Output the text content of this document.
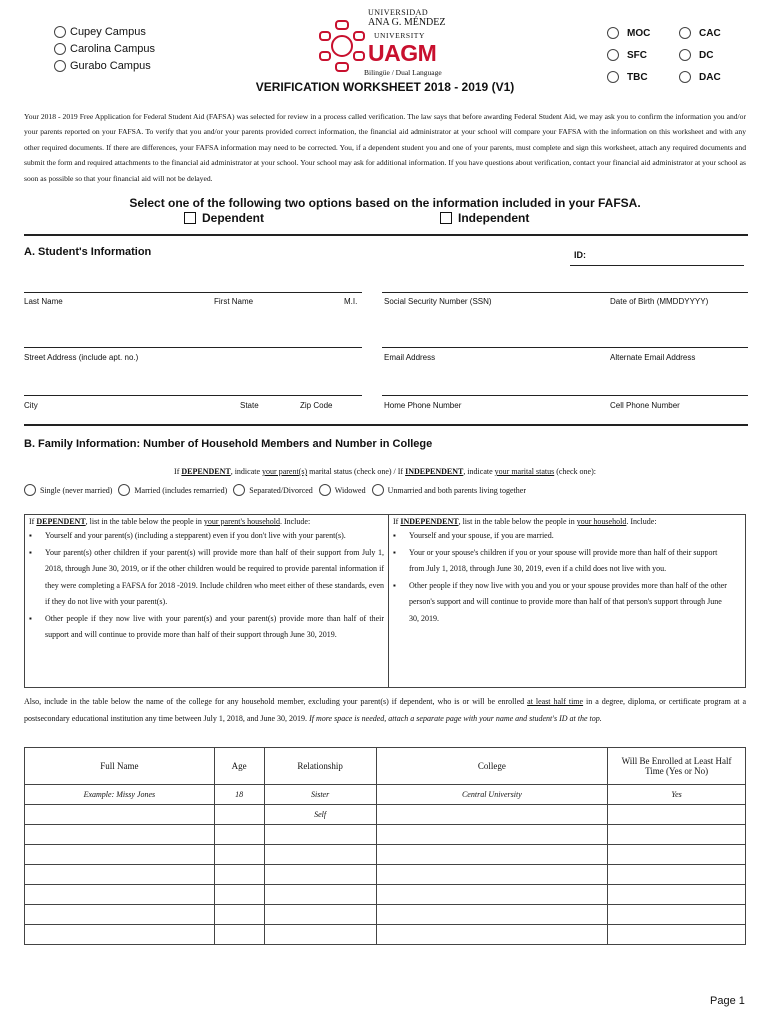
Cupey Campus
Carolina Campus
Gurabo Campus
UNIVERSIDAD
ANA G. MÉNDEZ
UNIVERSITY
UAGM
Bilingüe / Dual Language
MOC	CAC
SFC	DC
TBC	DAC
VERIFICATION WORKSHEET 2018 - 2019 (V1)
Your 2018 - 2019 Free Application for Federal Student Aid (FAFSA) was selected for review in a process called verification. The law says that before awarding Federal Student Aid, we may ask you to confirm the information you and/or your parents reported on your FAFSA. To verify that you and/or your parents provided correct information, the financial aid administrator at your school will compare your FAFSA with the information on this worksheet and with any other required documents. If there are differences, your FAFSA information may need to be corrected. You, if a dependent student you and one of your parents, must complete and sign this worksheet, attach any required documents and submit the form and required attachments to the financial aid administrator at your school. Your school may ask for additional information. If you have questions about verification, contact your financial aid administrator at your school as soon as possible so that your financial aid will not be delayed.
Select one of the following two options based on the information included in your FAFSA.
Dependent	Independent
A. Student's Information	ID:
Last Name	First Name	M.I.	Social Security Number (SSN)	Date of Birth (MMDDYYYY)
Street Address (include apt. no.)	Email Address	Alternate Email Address
City	State	Zip Code	Home Phone Number	Cell Phone Number
B. Family Information: Number of Household Members and Number in College
If DEPENDENT, indicate your parent(s) marital status (check one) / If INDEPENDENT, indicate your marital status (check one):
Single (never married)	Married (includes remarried)	Separated/Divorced	Widowed	Unmarried and both parents living together
If DEPENDENT, list in the table below the people in your parent's household. Include:
▪	Yourself and your parent(s) (including a stepparent) even if you don't live with your parent(s).
▪	Your parent(s) other children if your parent(s) will provide more than half of their support from July 1, 2018, through June 30, 2019, or if the other children would be required to provide parental information if they were completing a FAFSA for 2018 -2019. Include children who meet either of these standards, even if they do not live with your parent(s).
▪	Other people if they now live with your parent(s) and your parent(s) provide more than half of their support and will continue to provide more than half of their support through June 30, 2019.
If INDEPENDENT, list in the table below the people in your household. Include:
▪	Yourself and your spouse, if you are married.
▪	Your or your spouse's children if you or your spouse will provide more than half of their support from July 1, 2018, through June 30, 2019, even if a child does not live with you.
▪	Other people if they now live with you and you or your spouse provides more than half of the other person's support and will continue to provide more than half of that person's support through June 30, 2019.
Also, include in the table below the name of the college for any household member, excluding your parent(s) if dependent, who is or will be enrolled at least half time in a degree, diploma, or certificate program at a postsecondary educational institution any time between July 1, 2018, and June 30, 2019. If more space is needed, attach a separate page with your name and student's ID at the top.
Full Name	Age	Relationship	College	Will Be Enrolled at Least Half Time (Yes or No)
Example: Missy Jones	18	Sister	Central University	Yes
		Self		

Page 1
